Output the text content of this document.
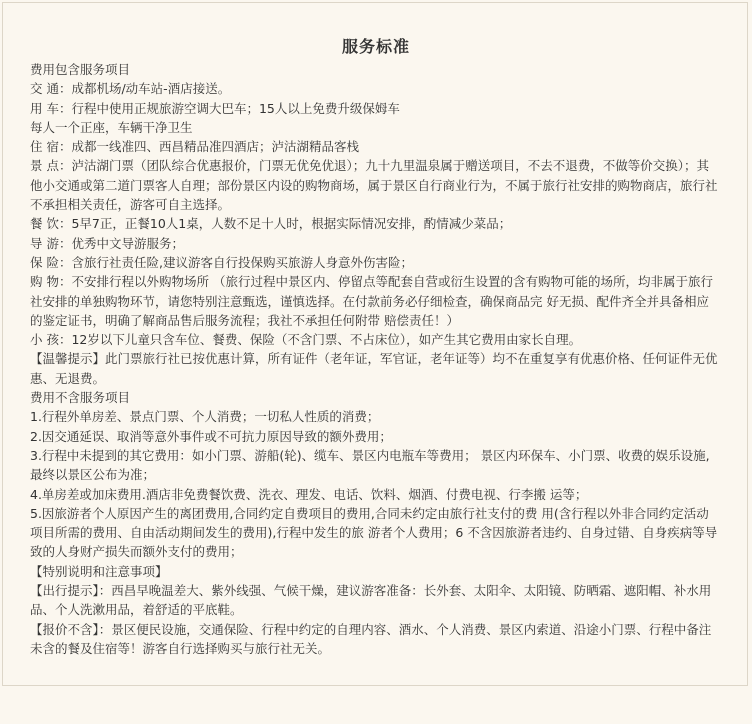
服务标准
费用包含服务项目
交 通：成都机场/动车站-酒店接送。
用 车：行程中使用正规旅游空调大巴车；15人以上免费升级保姆车
每人一个正座，车辆干净卫生
住 宿：成都一线准四、西昌精品准四酒店；泸沽湖精品客栈
景 点：泸沽湖门票（团队综合优惠报价，门票无优免优退）；九十九里温泉属于赠送项目，不去不退费，不做等价交换）；其他小交通或第二道门票客人自理；部份景区内设的购物商场，属于景区自行商业行为，不属于旅行社安排的购物商店，旅行社不承担相关责任，游客可自主选择。
餐 饮：5早7正，正餐10人1桌，人数不足十人时，根据实际情况安排，酌情减少菜品；
导 游：优秀中文导游服务；
保 险：含旅行社责任险,建议游客自行投保购买旅游人身意外伤害险；
购 物：不安排行程以外购物场所 （旅行过程中景区内、停留点等配套自营或衍生设置的含有购物可能的场所，均非属于旅行 社安排的单独购物环节，请您特别注意甄选，谨慎选择。在付款前务必仔细检查，确保商品完 好无损、配件齐全并具备相应的鉴定证书，明确了解商品售后服务流程；我社不承担任何附带 赔偿责任！）
小 孩：12岁以下儿童只含车位、餐费、保险（不含门票、不占床位），如产生其它费用由家长自理。
【温馨提示】此门票旅行社已按优惠计算，所有证件（老年证，军官证，老年证等）均不在重复享有优惠价格、任何证件无优惠、无退费。
费用不含服务项目
1.行程外单房差、景点门票、个人消费；一切私人性质的消费；
2.因交通延误、取消等意外事件或不可抗力原因导致的额外费用；
3.行程中未提到的其它费用：如小门票、游船(轮)、缆车、景区内电瓶车等费用； 景区内环保车、小门票、收费的娱乐设施,最终以景区公布为准；
4.单房差或加床费用.酒店非免费餐饮费、洗衣、理发、电话、饮料、烟酒、付费电视、行李搬 运等；
5.因旅游者个人原因产生的离团费用,合同约定自费项目的费用,合同未约定由旅行社支付的费 用(含行程以外非合同约定活动项目所需的费用、自由活动期间发生的费用),行程中发生的旅 游者个人费用；6 不含因旅游者违约、自身过错、自身疾病等导致的人身财产损失而额外支付的费用；
【特别说明和注意事项】
【出行提示】：西昌早晚温差大、紫外线强、气候干燥，建议游客准备：长外套、太阳伞、太阳镜、防晒霜、遮阳帽、补水用品、个人洗漱用品，着舒适的平底鞋。
【报价不含】：景区便民设施，交通保险、行程中约定的自理内容、酒水、个人消费、景区内索道、沿途小门票、行程中备注未含的餐及住宿等！游客自行选择购买与旅行社无关。
